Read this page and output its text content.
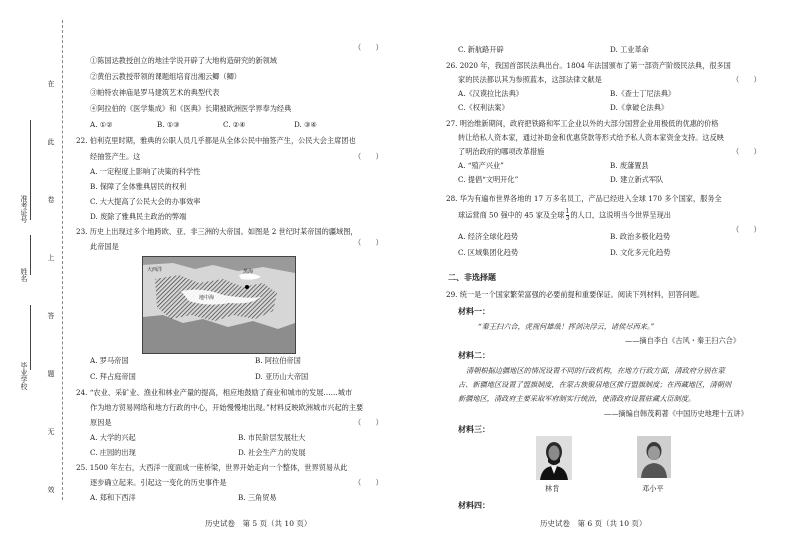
在
此
卷
上
答
题
无
效
准考证号
姓名
毕业学校
（　　）
①陈国达教授创立的地洼学说开辟了大地构造研究的新领域
②黄伯云教授带领的课题组培育出湘云鲫（鲫）
③帕特农神庙是罗马建筑艺术的典型代表
④阿拉伯的《医学集成》和《医典》长期被欧洲医学界奉为经典
A. ①②	B. ①③	C. ②④	D. ③④
22. 伯利克里时期，雅典的公职人员几乎都是从全体公民中抽签产生，公民大会主席团也
经抽签产生。这	（　　）
A. 一定程度上影响了决策的科学性
B. 保障了全体雅典居民的权利
C. 大大提高了公民大会的办事效率
D. 废除了雅典民主政治的弊端
23. 历史上出现过多个地跨欧、亚、非三洲的大帝国。如图是 2 世纪时某帝国的疆域图，
此帝国是	（　　）
大西洋
地中海
黑海
A. 罗马帝国	B. 阿拉伯帝国
C. 拜占庭帝国	D. 亚历山大帝国
24. “农业、采矿业、渔业和林业产量的提高，相应地鼓励了商业和城市的发展……城市
作为地方贸易网络和地方行政的中心，开始慢慢地出现。”材料反映欧洲城市兴起的主要
原因是	（　　）
A. 大学的兴起	B. 市民阶层发展壮大
C. 庄园的出现	D. 社会生产力的发展
25. 1500 年左右，大西洋一度面成一座桥梁，世界开始走向一个整体，世界贸易从此
逐步确立起来。引起这一变化的历史事件是	（　　）
A. 郑和下西洋	B. 三角贸易
历史试卷　第 5 页（共 10 页）
C. 新航路开辟	D. 工业革命
26. 2020 年，我国首部民法典出台。1804 年法国颁布了第一部资产阶级民法典，很多国
家的民法都以其为参照蓝本，这部法律文献是	（　　）
A.《汉谟拉比法典》	B.《查士丁尼法典》
C.《权利法案》	D.《拿破仑法典》
27. 明治维新期间，政府把铁路和军工企业以外的大部分国营企业用极低的优惠的价格
转让给私人资本家，通过补助金和优惠贷款等形式给予私人资本家资金支持。这反映
了明治政府的哪项改革措施	（　　）
A. “殖产兴业”	B. 废藩置县
C. 提倡“文明开化”	D. 建立新式军队
28. 华为有遍布世界各地的 17 万多名员工，产品已经进入全球 170 多个国家，服务全
球运营商 50 强中的 45 家及全球 $\frac{1}{3}$ 的人口，这说明当今世界呈现出
（　　）
A. 经济全球化趋势	B. 政治多极化趋势
C. 区域集团化趋势	D. 文化多元化趋势
二、非选择题
29. 统一是一个国家繁荣富强的必要前提和重要保证。阅读下列材料，回答问题。
材料一：
“秦王扫六合，虎视何雄哉！挥剑决浮云，诸侯尽西来。”
——摘自李白《古风・秦王扫六合》
材料二：
清朝根据边疆地区的情况设置不同的行政机构，在地方行政方面，清政府分别在蒙
古、新疆地区设置了盟旗制度，在蒙古族聚居地区推行盟旗制度；在西藏地区，清朝则
新疆地区，清政府主要采取军府制实行统治，使清政府设置驻藏大臣制度。
——摘编自韩茂莉著《中国历史地理十五讲》
材料三：
林肯	邓小平
材料四：
历史试卷　第 6 页（共 10 页）
